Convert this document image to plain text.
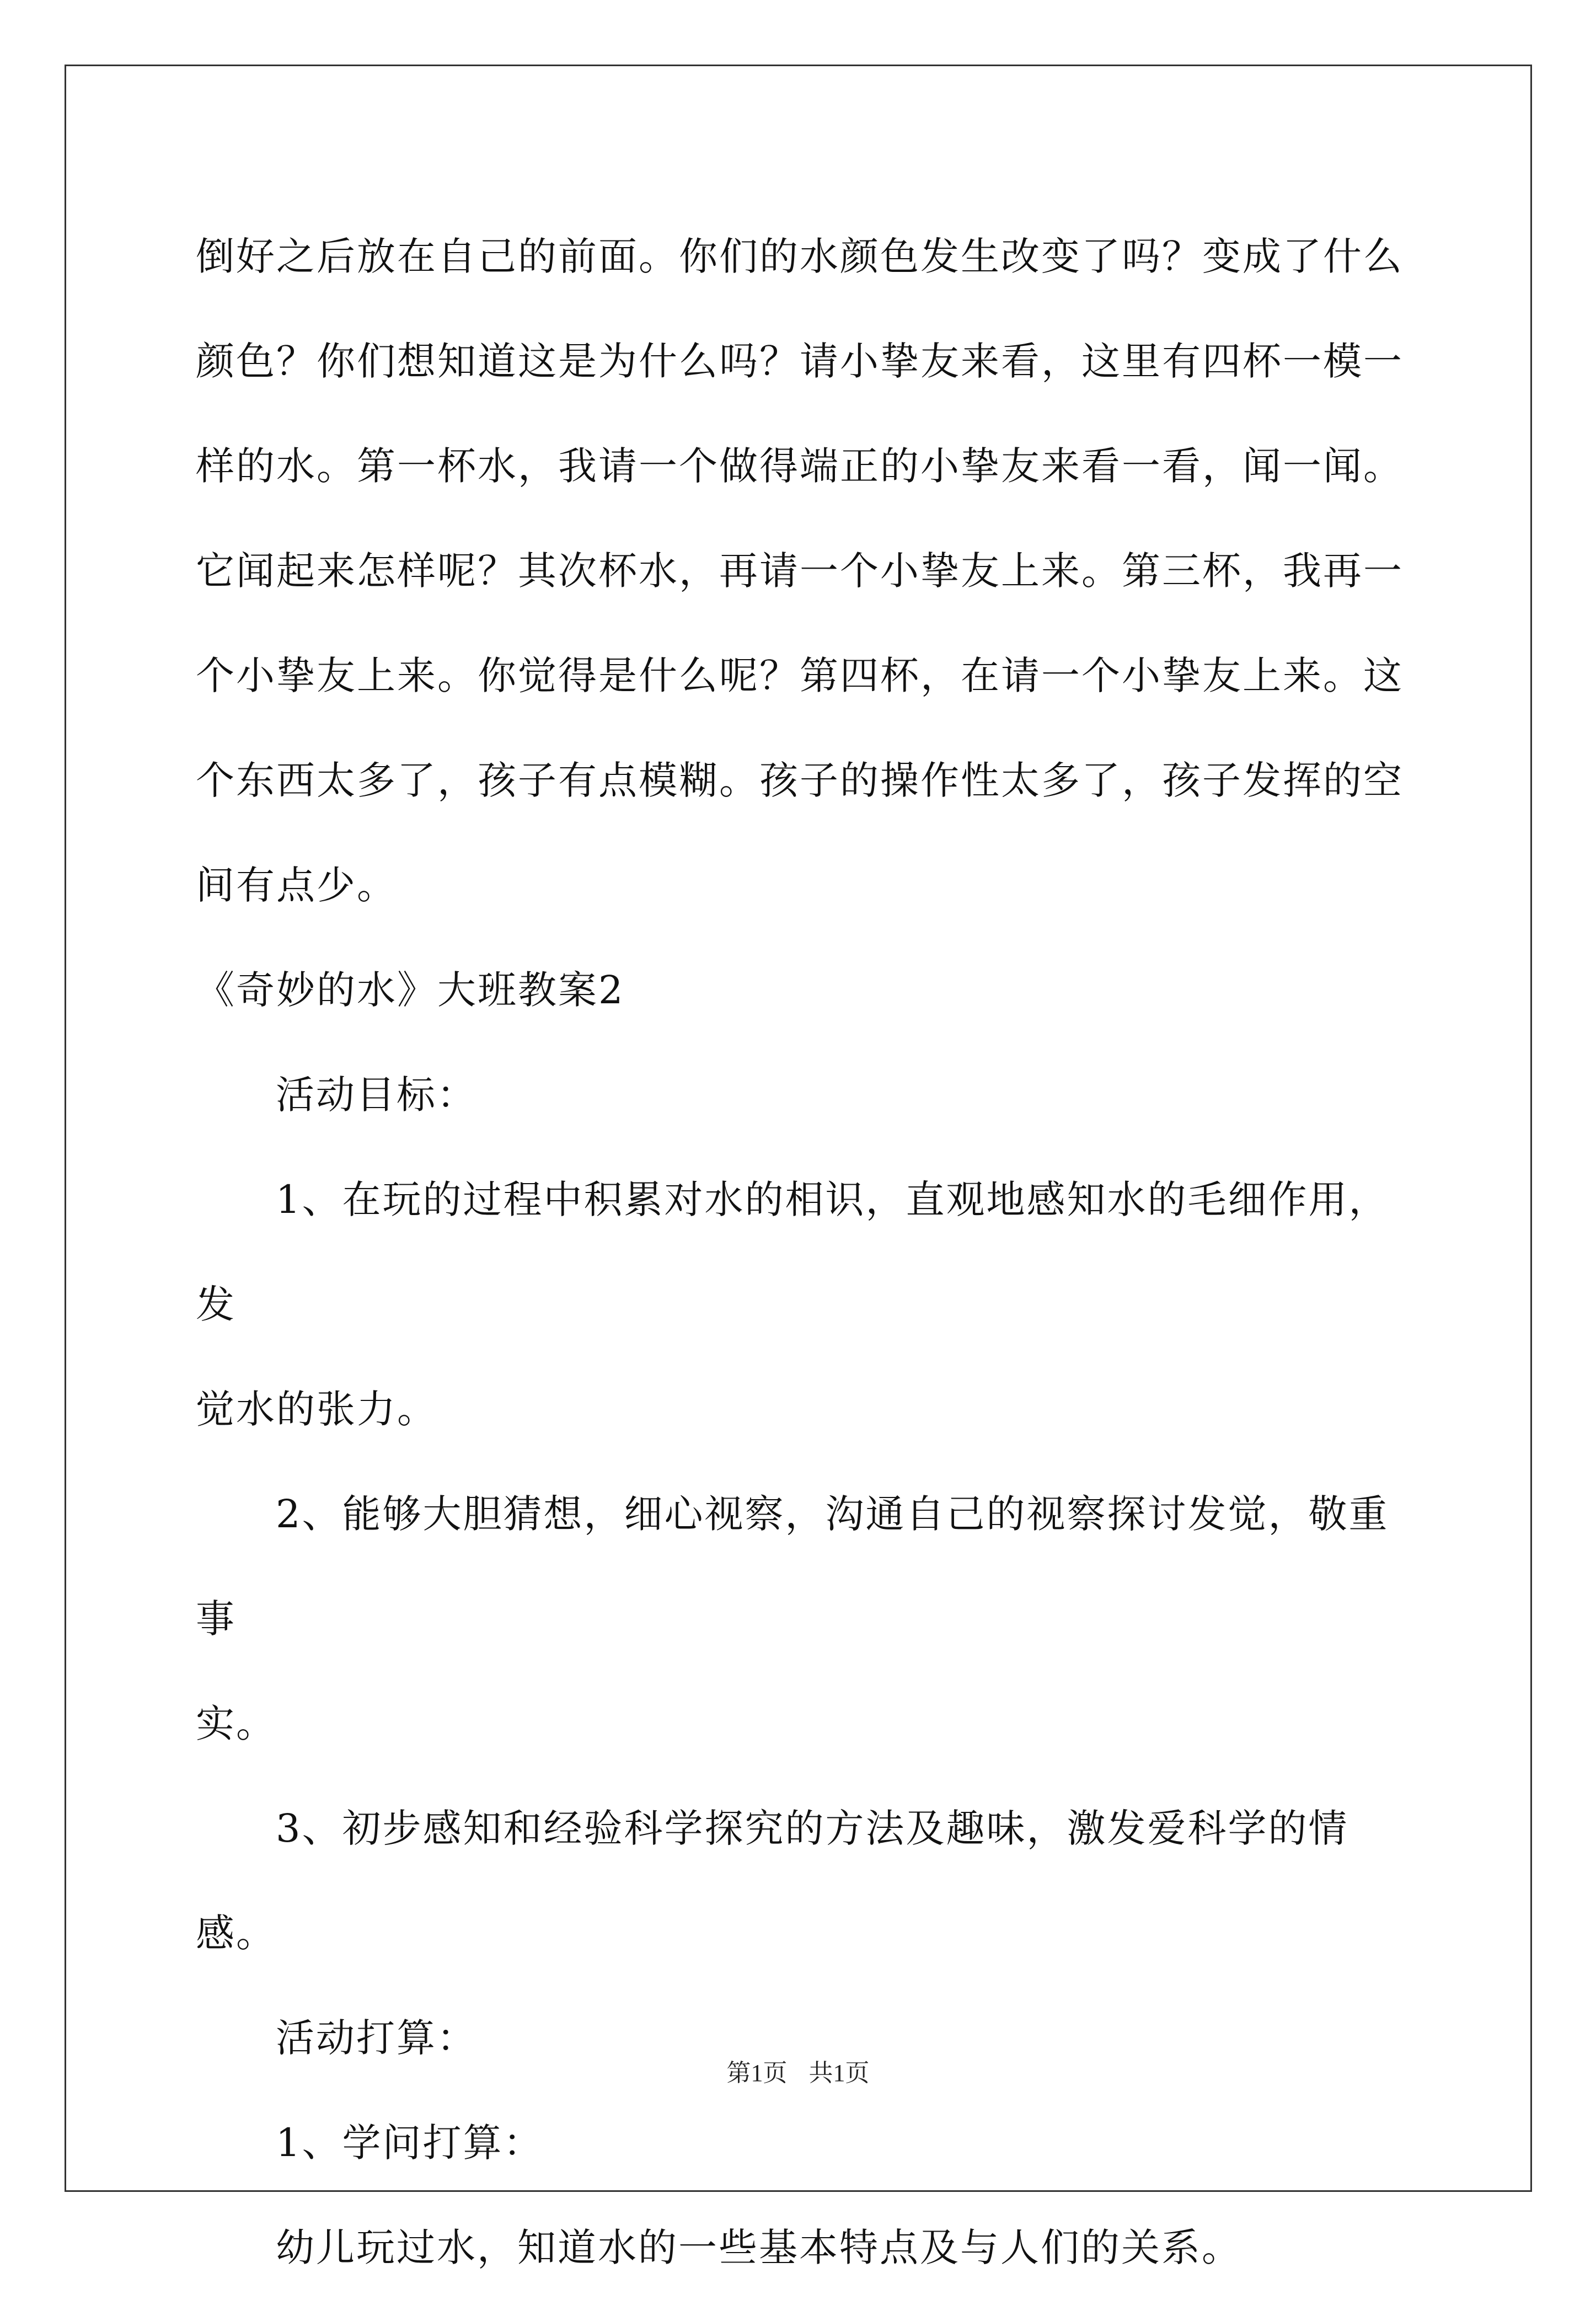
倒好之后放在自己的前面。你们的水颜色发生改变了吗？变成了什么

颜色？你们想知道这是为什么吗？请小挚友来看，这里有四杯一模一

样的水。第一杯水，我请一个做得端正的小挚友来看一看，闻一闻。

它闻起来怎样呢？其次杯水，再请一个小挚友上来。第三杯，我再一

个小挚友上来。你觉得是什么呢？第四杯，在请一个小挚友上来。这

个东西太多了，孩子有点模糊。孩子的操作性太多了，孩子发挥的空

间有点少。

《奇妙的水》大班教案2

活动目标：

1、在玩的过程中积累对水的相识，直观地感知水的毛细作用，发

觉水的张力。

2、能够大胆猜想，细心视察，沟通自己的视察探讨发觉，敬重事

实。

3、初步感知和经验科学探究的方法及趣味，激发爱科学的情感。

活动打算：

1、学问打算：

幼儿玩过水，知道水的一些基本特点及与人们的关系。

第1页 共1页
